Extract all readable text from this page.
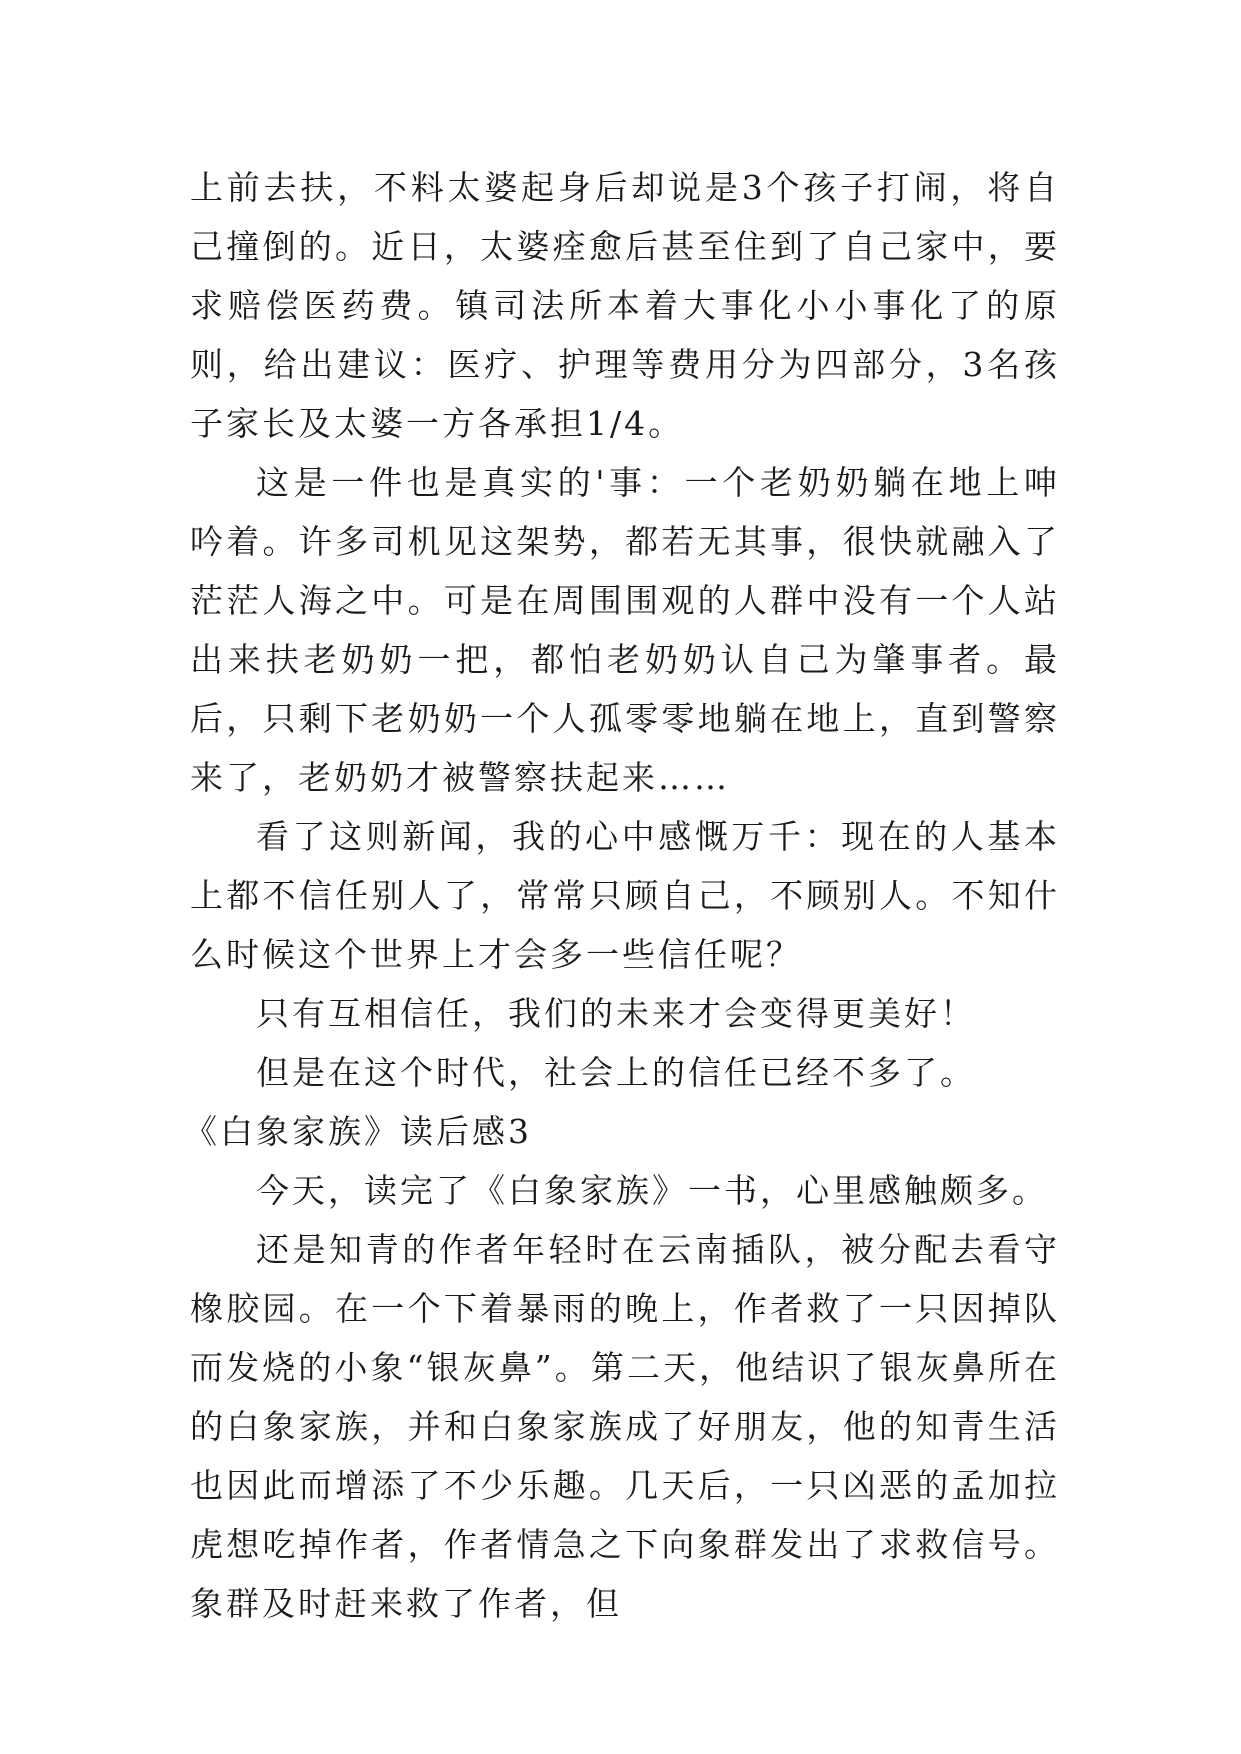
上前去扶，不料太婆起身后却说是3个孩子打闹，将自己撞倒的。近日，太婆痊愈后甚至住到了自己家中，要求赔偿医药费。镇司法所本着大事化小小事化了的原则，给出建议：医疗、护理等费用分为四部分，3名孩子家长及太婆一方各承担1/4。

这是一件也是真实的'事：一个老奶奶躺在地上呻吟着。许多司机见这架势，都若无其事，很快就融入了茫茫人海之中。可是在周围围观的人群中没有一个人站出来扶老奶奶一把，都怕老奶奶认自己为肇事者。最后，只剩下老奶奶一个人孤零零地躺在地上，直到警察来了，老奶奶才被警察扶起来……

看了这则新闻，我的心中感慨万千：现在的人基本上都不信任别人了，常常只顾自己，不顾别人。不知什么时候这个世界上才会多一些信任呢？

只有互相信任，我们的未来才会变得更美好！

但是在这个时代，社会上的信任已经不多了。

《白象家族》读后感3

今天，读完了《白象家族》一书，心里感触颇多。

还是知青的作者年轻时在云南插队，被分配去看守橡胶园。在一个下着暴雨的晚上，作者救了一只因掉队而发烧的小象“银灰鼻”。第二天，他结识了银灰鼻所在的白象家族，并和白象家族成了好朋友，他的知青生活也因此而增添了不少乐趣。几天后，一只凶恶的孟加拉虎想吃掉作者，作者情急之下向象群发出了求救信号。象群及时赶来救了作者，但
